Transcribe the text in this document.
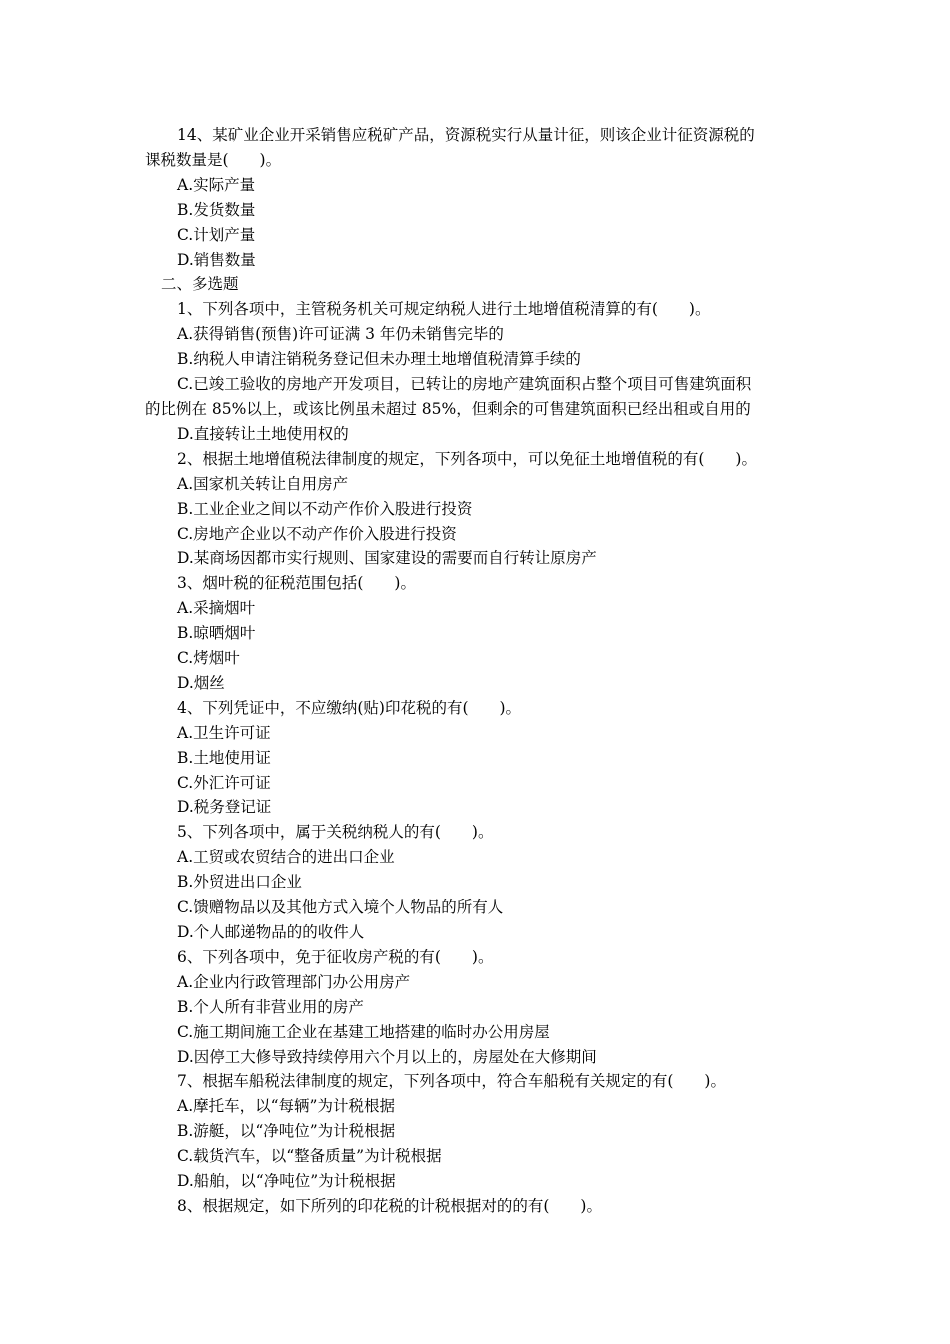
14、某矿业企业开采销售应税矿产品，资源税实行从量计征，则该企业计征资源税的
课税数量是(　　)。
A.实际产量
B.发货数量
C.计划产量
D.销售数量
二、多选题
1、下列各项中，主管税务机关可规定纳税人进行土地增值税清算的有(　　)。
A.获得销售(预售)许可证满 3 年仍未销售完毕的
B.纳税人申请注销税务登记但未办理土地增值税清算手续的
C.已竣工验收的房地产开发项目，已转让的房地产建筑面积占整个项目可售建筑面积
的比例在 85%以上，或该比例虽未超过 85%，但剩余的可售建筑面积已经出租或自用的
D.直接转让土地使用权的
2、根据土地增值税法律制度的规定，下列各项中，可以免征土地增值税的有(　　)。
A.国家机关转让自用房产
B.工业企业之间以不动产作价入股进行投资
C.房地产企业以不动产作价入股进行投资
D.某商场因都市实行规则、国家建设的需要而自行转让原房产
3、烟叶税的征税范围包括(　　)。
A.采摘烟叶
B.晾晒烟叶
C.烤烟叶
D.烟丝
4、下列凭证中，不应缴纳(贴)印花税的有(　　)。
A.卫生许可证
B.土地使用证
C.外汇许可证
D.税务登记证
5、下列各项中，属于关税纳税人的有(　　)。
A.工贸或农贸结合的进出口企业
B.外贸进出口企业
C.馈赠物品以及其他方式入境个人物品的所有人
D.个人邮递物品的的收件人
6、下列各项中，免于征收房产税的有(　　)。
A.企业内行政管理部门办公用房产
B.个人所有非营业用的房产
C.施工期间施工企业在基建工地搭建的临时办公用房屋
D.因停工大修导致持续停用六个月以上的，房屋处在大修期间
7、根据车船税法律制度的规定，下列各项中，符合车船税有关规定的有(　　)。
A.摩托车，以“每辆”为计税根据
B.游艇，以“净吨位”为计税根据
C.载货汽车，以“整备质量”为计税根据
D.船舶，以“净吨位”为计税根据
8、根据规定，如下所列的印花税的计税根据对的的有(　　)。
